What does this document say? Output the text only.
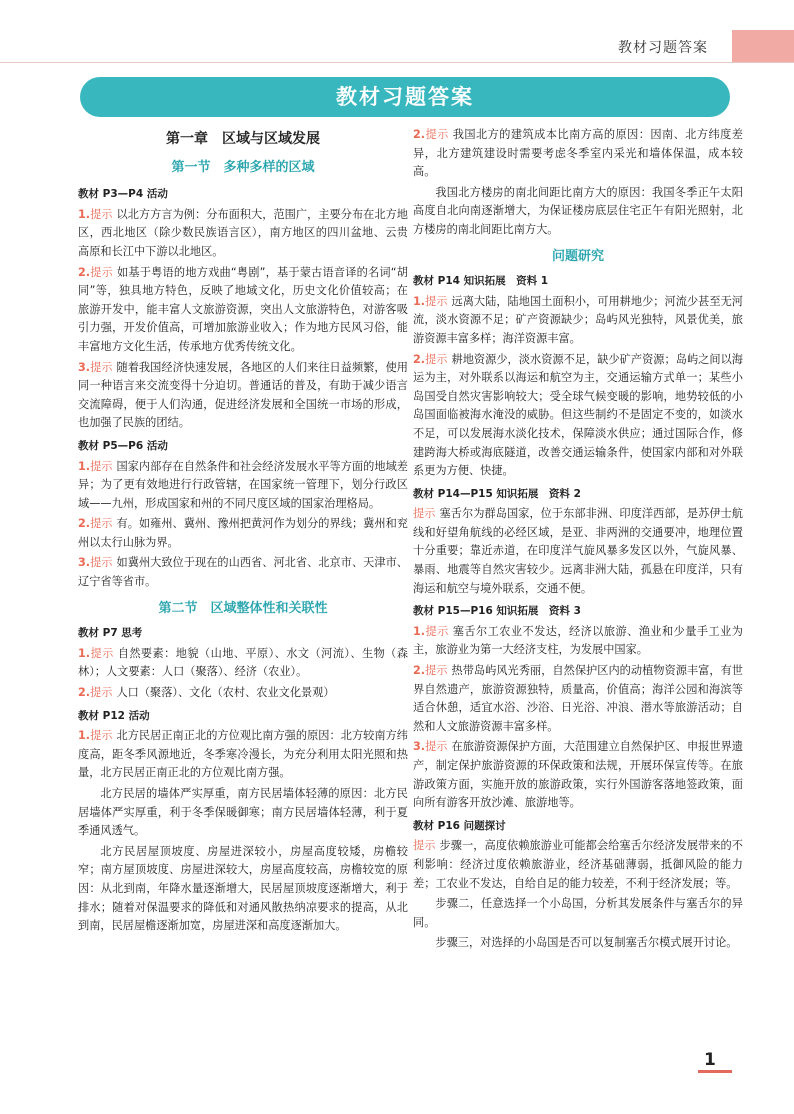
教材习题答案
教材习题答案
第一章　区域与区域发展
第一节　多种多样的区域
教材 P3—P4 活动
1.提示 以北方方言为例：分布面积大，范围广，主要分布在北方地区，西北地区（除少数民族语言区），南方地区的四川盆地、云贵高原和长江中下游以北地区。
2.提示 如基于粤语的地方戏曲“粤剧”，基于蒙古语音译的名词“胡同”等，独具地方特色，反映了地域文化，历史文化价值较高；在旅游开发中，能丰富人文旅游资源，突出人文旅游特色，对游客吸引力强，开发价值高，可增加旅游业收入；作为地方民风习俗，能丰富地方文化生活，传承地方优秀传统文化。
3.提示 随着我国经济快速发展，各地区的人们来往日益频繁，使用同一种语言来交流变得十分迫切。普通话的普及，有助于减少语言交流障碍，便于人们沟通，促进经济发展和全国统一市场的形成，也加强了民族的团结。
教材 P5—P6 活动
1.提示 国家内部存在自然条件和社会经济发展水平等方面的地域差异；为了更有效地进行行政管辖，在国家统一管理下，划分行政区域——九州，形成国家和州的不同尺度区域的国家治理格局。
2.提示 有。如雍州、冀州、豫州把黄河作为划分的界线；冀州和兖州以太行山脉为界。
3.提示 如冀州大致位于现在的山西省、河北省、北京市、天津市、辽宁省等省市。
第二节　区域整体性和关联性
教材 P7 思考
1.提示 自然要素：地貌（山地、平原）、水文（河流）、生物（森林）；人文要素：人口（聚落）、经济（农业）。
2.提示 人口（聚落）、文化（农村、农业文化景观）
教材 P12 活动
1.提示 北方民居正南正北的方位观比南方强的原因：北方较南方纬度高，距冬季风源地近，冬季寒冷漫长，为充分利用太阳光照和热量，北方民居正南正北的方位观比南方强。
北方民居的墙体严实厚重，南方民居墙体轻薄的原因：北方民居墙体严实厚重，利于冬季保暖御寒；南方民居墙体轻薄，利于夏季通风透气。
北方民居屋顶坡度、房屋进深较小，房屋高度较矮，房檐较窄；南方屋顶坡度、房屋进深较大，房屋高度较高，房檐较宽的原因：从北到南，年降水量逐渐增大，民居屋顶坡度逐渐增大，利于排水；随着对保温要求的降低和对通风散热纳凉要求的提高，从北到南，民居屋檐逐渐加宽，房屋进深和高度逐渐加大。
2.提示 我国北方的建筑成本比南方高的原因：因南、北方纬度差异，北方建筑建设时需要考虑冬季室内采光和墙体保温，成本较高。
我国北方楼房的南北间距比南方大的原因：我国冬季正午太阳高度自北向南逐渐增大，为保证楼房底层住宅正午有阳光照射，北方楼房的南北间距比南方大。
问题研究
教材 P14 知识拓展　资料 1
1.提示 远离大陆，陆地国土面积小，可用耕地少；河流少甚至无河流，淡水资源不足；矿产资源缺少；岛屿风光独特，风景优美，旅游资源丰富多样；海洋资源丰富。
2.提示 耕地资源少，淡水资源不足，缺少矿产资源；岛屿之间以海运为主，对外联系以海运和航空为主，交通运输方式单一；某些小岛国受自然灾害影响较大；受全球气候变暖的影响，地势较低的小岛国面临被海水淹没的威胁。但这些制约不是固定不变的，如淡水不足，可以发展海水淡化技术，保障淡水供应；通过国际合作，修建跨海大桥或海底隧道，改善交通运输条件，使国家内部和对外联系更为方便、快捷。
教材 P14—P15 知识拓展　资料 2
提示 塞舌尔为群岛国家，位于东部非洲、印度洋西部，是苏伊士航线和好望角航线的必经区域，是亚、非两洲的交通要冲，地理位置十分重要；靠近赤道，在印度洋气旋风暴多发区以外，气旋风暴、暴雨、地震等自然灾害较少。远离非洲大陆，孤悬在印度洋，只有海运和航空与境外联系，交通不便。
教材 P15—P16 知识拓展　资料 3
1.提示 塞舌尔工农业不发达，经济以旅游、渔业和少量手工业为主，旅游业为第一大经济支柱，为发展中国家。
2.提示 热带岛屿风光秀丽，自然保护区内的动植物资源丰富，有世界自然遗产，旅游资源独特，质量高，价值高；海洋公园和海滨等适合休憩，适宜水浴、沙浴、日光浴、冲浪、潜水等旅游活动；自然和人文旅游资源丰富多样。
3.提示 在旅游资源保护方面，大范围建立自然保护区、申报世界遗产，制定保护旅游资源的环保政策和法规，开展环保宣传等。在旅游政策方面，实施开放的旅游政策，实行外国游客落地签政策，面向所有游客开放沙滩、旅游地等。
教材 P16 问题探讨
提示 步骤一，高度依赖旅游业可能都会给塞舌尔经济发展带来的不利影响：经济过度依赖旅游业，经济基础薄弱，抵御风险的能力差；工农业不发达，自给自足的能力较差，不利于经济发展；等。
步骤二，任意选择一个小岛国，分析其发展条件与塞舌尔的异同。
步骤三，对选择的小岛国是否可以复制塞舌尔模式展开讨论。
1
